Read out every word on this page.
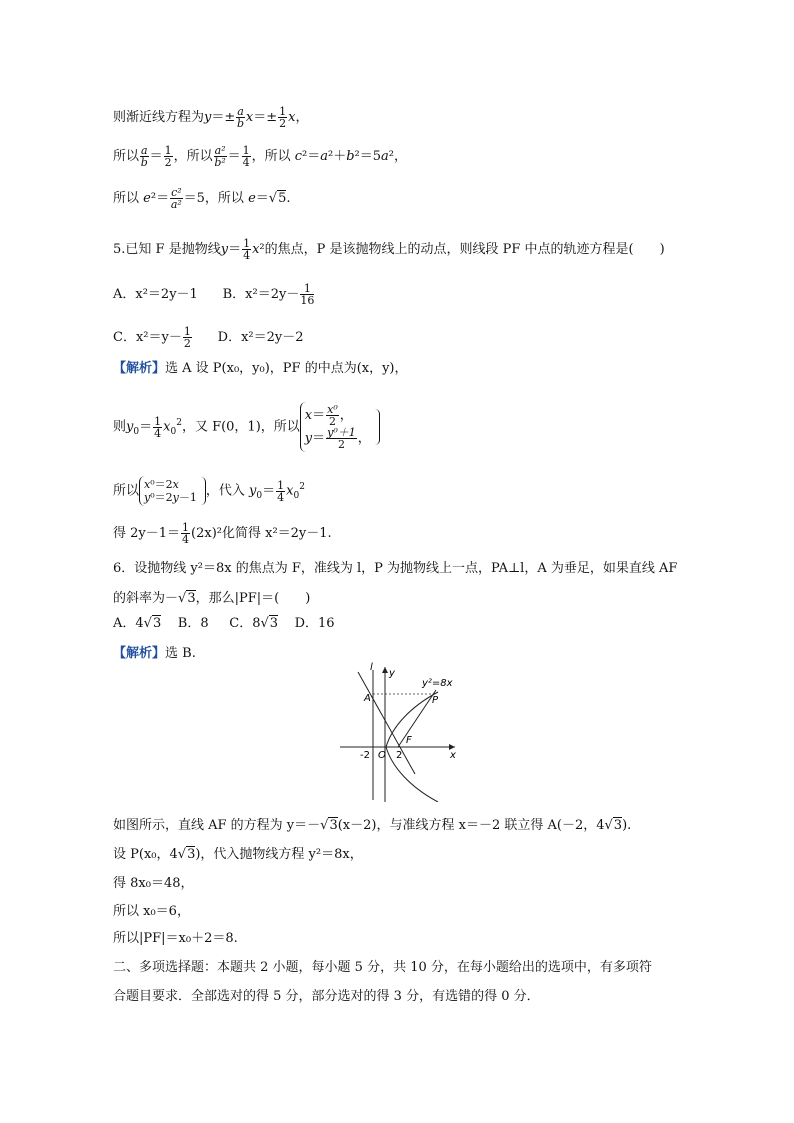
则渐近线方程为$y=\pm \frac{a}{b} x=\pm \frac{1}{2}$ x，
所以 $\frac{a}{b} = \frac{1}{2}$ ，所以 $\frac{\text{a²}}{\text{b²}} = \frac{1}{4}$ ，所以 c²＝a²＋b²＝5a²，
所以 $e^2= \frac{\text{c²}}{\text{a²}} =5$，所以 e＝√5.
5.已知 F 是抛物线$y= \frac{1}{4} x^2$的焦点，P 是该抛物线上的动点，则线段 PF 中点的轨迹方程是(　　)
A．x²＝2y－1 B．$x^2=2y- \frac{1}{16}$
C．$x^2=y- \frac{1}{2}$ D．x²＝2y－2
【解析】选 A 设 P(x₀，y₀)，PF 的中点为(x，y)，
则$y_0= \frac{1}{4} x_0^2$，又 F(0，1)，所以$x= \frac{\text{x⁰}}{2}$ ，
$y= \frac{\text{y⁰＋1}}{2}$ ，
所以 x⁰＝2x
y⁰＝2y－1 ，代入 $y_0= \frac{1}{4} x_0^2$
得 $2y-1= \frac{1}{4} (2x)^2$化简得 x²＝2y－1.
6．设抛物线 y²＝8x 的焦点为 F，准线为 l，P 为抛物线上一点，PA⊥l，A 为垂足，如果直线 AF
的斜率为－√3，那么|PF|＝(　　)
A．4√3 B．8 C．8√3 D．16
【解析】选 B.
l
y
y²=8x
A	P
F
-2 O 2	x
如图所示，直线 AF 的方程为 y＝－√3(x－2)，与准线方程 x＝－2 联立得 A(－2，4√3).
设 P(x₀，4√3)，代入抛物线方程 y²＝8x，
得 8x₀＝48，
所以 x₀＝6，
所以|PF|＝x₀＋2＝8.
二、多项选择题：本题共 2 小题，每小题 5 分，共 10 分，在每小题给出的选项中，有多项符
合题目要求．全部选对的得 5 分，部分选对的得 3 分，有选错的得 0 分．
